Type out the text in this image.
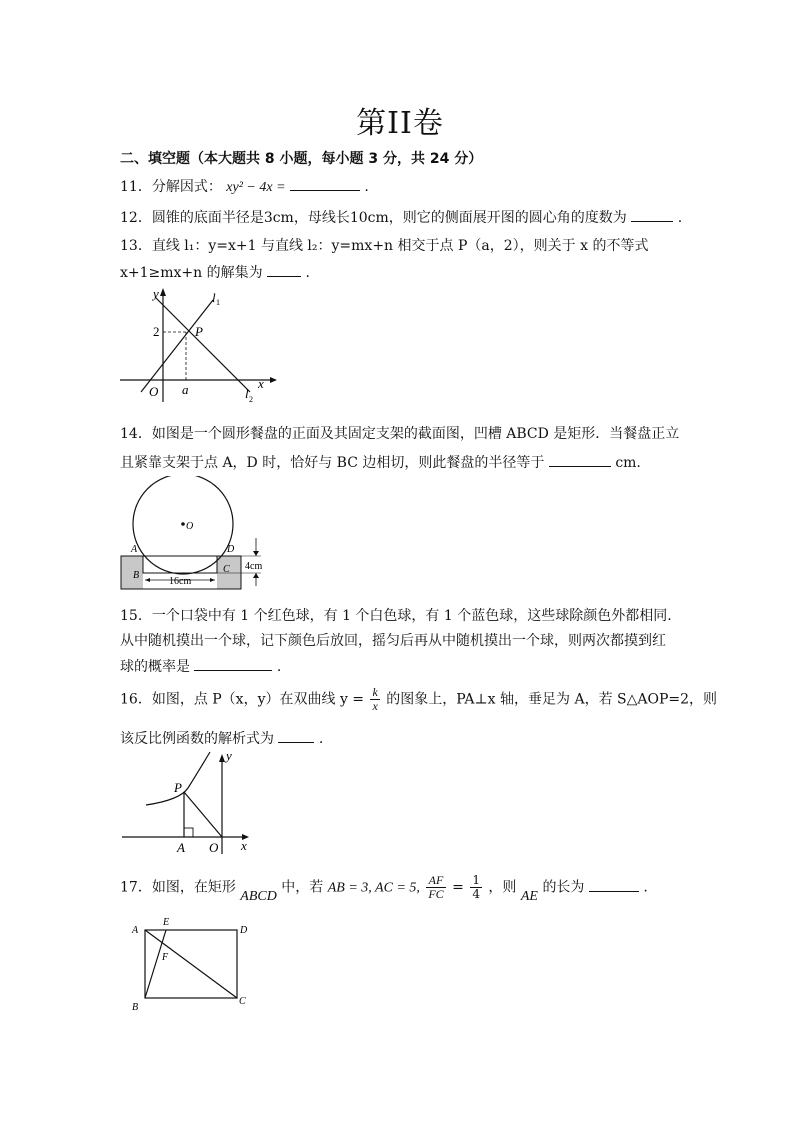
第II卷
二、填空题（本大题共 8 小题，每小题 3 分，共 24 分）
11．分解因式： xy² − 4x =	.
12．圆锥的底面半径是3cm，母线长10cm，则它的侧面展开图的圆心角的度数为	.
13．直线 l₁：y=x+1 与直线 l₂：y=mx+n 相交于点 P（a，2），则关于 x 的不等式
x+1≥mx+n 的解集为	.
y
x
O a
2	P
l 1
l 2
14．如图是一个圆形餐盘的正面及其固定支架的截面图，凹槽 ABCD 是矩形．当餐盘正立
且紧靠支架于点 A，D 时，恰好与 BC 边相切，则此餐盘的半径等于	cm.
O
A	D
B
C
16cm
4cm
15．一个口袋中有 1 个红色球，有 1 个白色球，有 1 个蓝色球，这些球除颜色外都相同.
从中随机摸出一个球，记下颜色后放回，摇匀后再从中随机摸出一个球，则两次都摸到红
球的概率是	.
16．如图，点 P（x，y）在双曲线 $y = \frac{k}{x}$ 的图象上，PA⊥x 轴，垂足为 A，若 S△AOP=2，则
该反比例函数的解析式为	.
P
A O x
y
17．如图，在矩形 ABCD 中，若 AB = 3, AC = 5, $\frac{AF}{FC} = \frac{1}{4}$ ，则 AE 的长为	.
A
E
D
F
B
C
